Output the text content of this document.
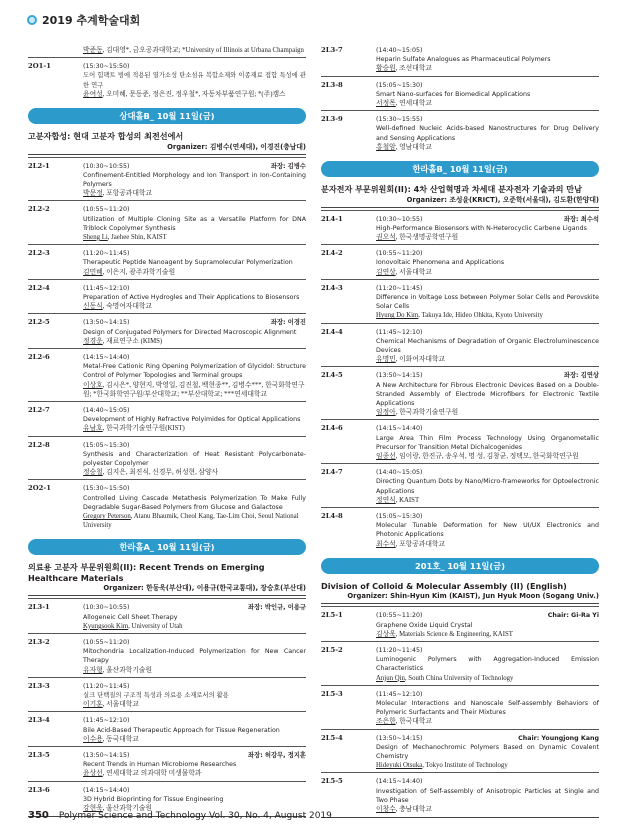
2019 추계학술대회
박준동, 김대영*, 금오공과대학교; *University of Illinois at Urbana Champaign
2O1-1	(15:30~15:50)
도어 힘팩트 빔에 적용된 열가소성 탄소섬유 복합소재와 이종재료 접합 특성에 관한 연구
윤여성, 오미혜, 문동준, 정은진, 정우철*, 자동차부품연구원; *(주)캠스
상대홀B_ 10월 11일(금)
고분자합성: 현대 고분자 합성의 최전선에서
Organizer: 김병수(연세대), 이경진(충남대)
2L2-1	(10:30~10:55)	좌장: 김병수
Confinement-Entitled Morphology and Ion Transport in Ion-Containing Polymers
박문정, 포항공과대학교
2L2-2	(10:55~11:20)
Utilization of Multiple Cloning Site as a Versatile Platform for DNA Triblock Copolymer Synthesis
Sheng Li, Jaehee Shin, KAIST
2L2-3	(11:20~11:45)
Therapeutic Peptide Nanoagent by Supramolecular Polymerization
김민혜, 이은지, 광주과학기술원
2L2-4	(11:45~12:10)
Preparation of Active Hydrogles and Their Applications to Biosensors
신동식, 숙명여자대학교
2L2-5	(13:50~14:15)	좌장: 이경진
Design of Conjugated Polymers for Directed Macroscopic Alignment
정경운, 재료연구소 (KIMS)
2L2-6	(14:15~14:40)
Metal-Free Cationic Ring Opening Polymerization of Glycidol: Structure Control of Polymer Topologies and Terminal groups
이상호, 김시은*, 양현지, 박영일, 김진철, 백현종**, 김병수***, 한국화학연구원; *한국화학연구원/부산대학교; **부산대학교; ***연세대학교
2L2-7	(14:40~15:05)
Development of Highly Refractive Polyimides for Optical Applications
유남호, 한국과학기술연구원(KIST)
2L2-8	(15:05~15:30)
Synthesis and Characterization of Heat Resistant Polycarbonate-polyester Copolymer
정승철, 김지은, 최진식, 신경무, 허성현, 삼양사
2O2-1	(15:30~15:50)
Controlled Living Cascade Metathesis Polymerization To Make Fully Degradable Sugar-Based Polymers from Glucose and Galactose
Gregory Peterson, Atanu Bhaumik, Cheol Kang, Tae-Lim Choi, Seoul National University
한라홀A_ 10월 11일(금)
의료용 고분자 부문위원회(II): Recent Trends on Emerging Healthcare Materials
Organizer: 한동욱(부산대), 이용규(한국교통대), 장승호(부산대)
2L3-1	(10:30~10:55)	좌장: 박인규, 이용규
Allogeneic Cell Sheet Therapy
Kyungsook Kim, University of Utah
2L3-2	(10:55~11:20)
Mitochondria Localization-Induced Polymerization for New Cancer Therapy
유자형, 울산과학기술원
2L3-3	(11:20~11:45)
실크 단백질의 구조적 특성과 의료용 소재로서의 활용
이기훈, 서울대학교
2L3-4	(11:45~12:10)
Bile Acid-Based Therapeutic Approach for Tissue Regeneration
이수용, 동국대학교
2L3-5	(13:50~14:15)	좌장: 허강무, 정지훈
Recent Trends in Human Microbiome Researches
윤상선, 연세대학교 의과대학 미생물학과
2L3-6	(14:15~14:40)
3D Hybrid Bioprinting for Tissue Engineering
강현욱, 울산과학기술원
2L3-7	(14:40~15:05)
Heparin Sulfate Analogues as Pharmaceutical Polymers
황승원, 조선대학교
2L3-8	(15:05~15:30)
Smart Nano-surfaces for Biomedical Applications
서정목, 연세대학교
2L3-9	(15:30~15:55)
Well-defined Nucleic Acids-based Nanostructures for Drug Delivery and Sensing Applications
홍철암, 영남대학교
한라홀B_ 10월 11일(금)
분자전자 부문위원회(II): 4차 산업혁명과 차세대 분자전자 기술과의 만남
Organizer: 조성윤(KRICT), 오준학(서울대), 김도환(한양대)
2L4-1	(10:30~10:55)	좌장: 최수석
High-Performance Biosensors with N-Heterocyclic Carbene Ligands
권오석, 한국생명공학연구원
2L4-2	(10:55~11:20)
Ionovoltaic Phenomena and Applications
김연상, 서울대학교
2L4-3	(11:20~11:45)
Difference in Voltage Loss between Polymer Solar Cells and Perovskite Solar Cells
Hyung Do Kim, Takuya Ide, Hideo Ohkita, Kyoto University
2L4-4	(11:45~12:10)
Chemical Mechanisms of Degradation of Organic Electroluminescence Devices
유명민, 이화여자대학교
2L4-5	(13:50~14:15)	좌장: 김연상
A New Architecture for Fibrous Electronic Devices Based on a Double-Stranded Assembly of Electrode Microfibers for Electronic Textile Applications
임정아, 한국과학기술연구원
2L4-6	(14:15~14:40)
Large Area Thin Film Process Technology Using Organometallic Precursor for Transition Metal Dichalcogenides
임종선, 임이랑, 한진규, 송우석, 명 성, 김창균, 정택모, 한국화학연구원
2L4-7	(14:40~15:05)
Directing Quantum Dots by Nano/Micro-frameworks for Optoelectronic Applications
정연식, KAIST
2L4-8	(15:05~15:30)
Molecular Tunable Deformation for New UI/UX Electronics and Photonic Applications
최수석, 포항공과대학교
201호_ 10월 11일(금)
Division of Colloid & Molecular Assembly (II) (English)
Organizer: Shin-Hyun Kim (KAIST), Jun Hyuk Moon (Sogang Univ.)
2L5-1	(10:55~11:20)	Chair: Gi-Ra Yi
Graphene Oxide Liquid Crystal
김상욱, Materials Science & Engineering, KAIST
2L5-2	(11:20~11:45)
Luminogenic Polymers with Aggregation-Induced Emission Characteristics
Anjun Qin, South China University of Technology
2L5-3	(11:45~12:10)
Molecular Interactions and Nanoscale Self-assembly Behaviors of Polymeric Surfactants and Their Mixtures
조은한, 한국대학교
2L5-4	(13:50~14:15)	Chair: Youngjong Kang
Design of Mechanochromic Polymers Based on Dynamic Covalent Chemistry
Hideyuki Otsuka, Tokyo Institute of Technology
2L5-5	(14:15~14:40)
Investigation of Self-assembly of Anisotropic Particles at Single and Two Phase
이창수, 충남대학교
350 Polymer Science and Technology Vol. 30, No. 4, August 2019
